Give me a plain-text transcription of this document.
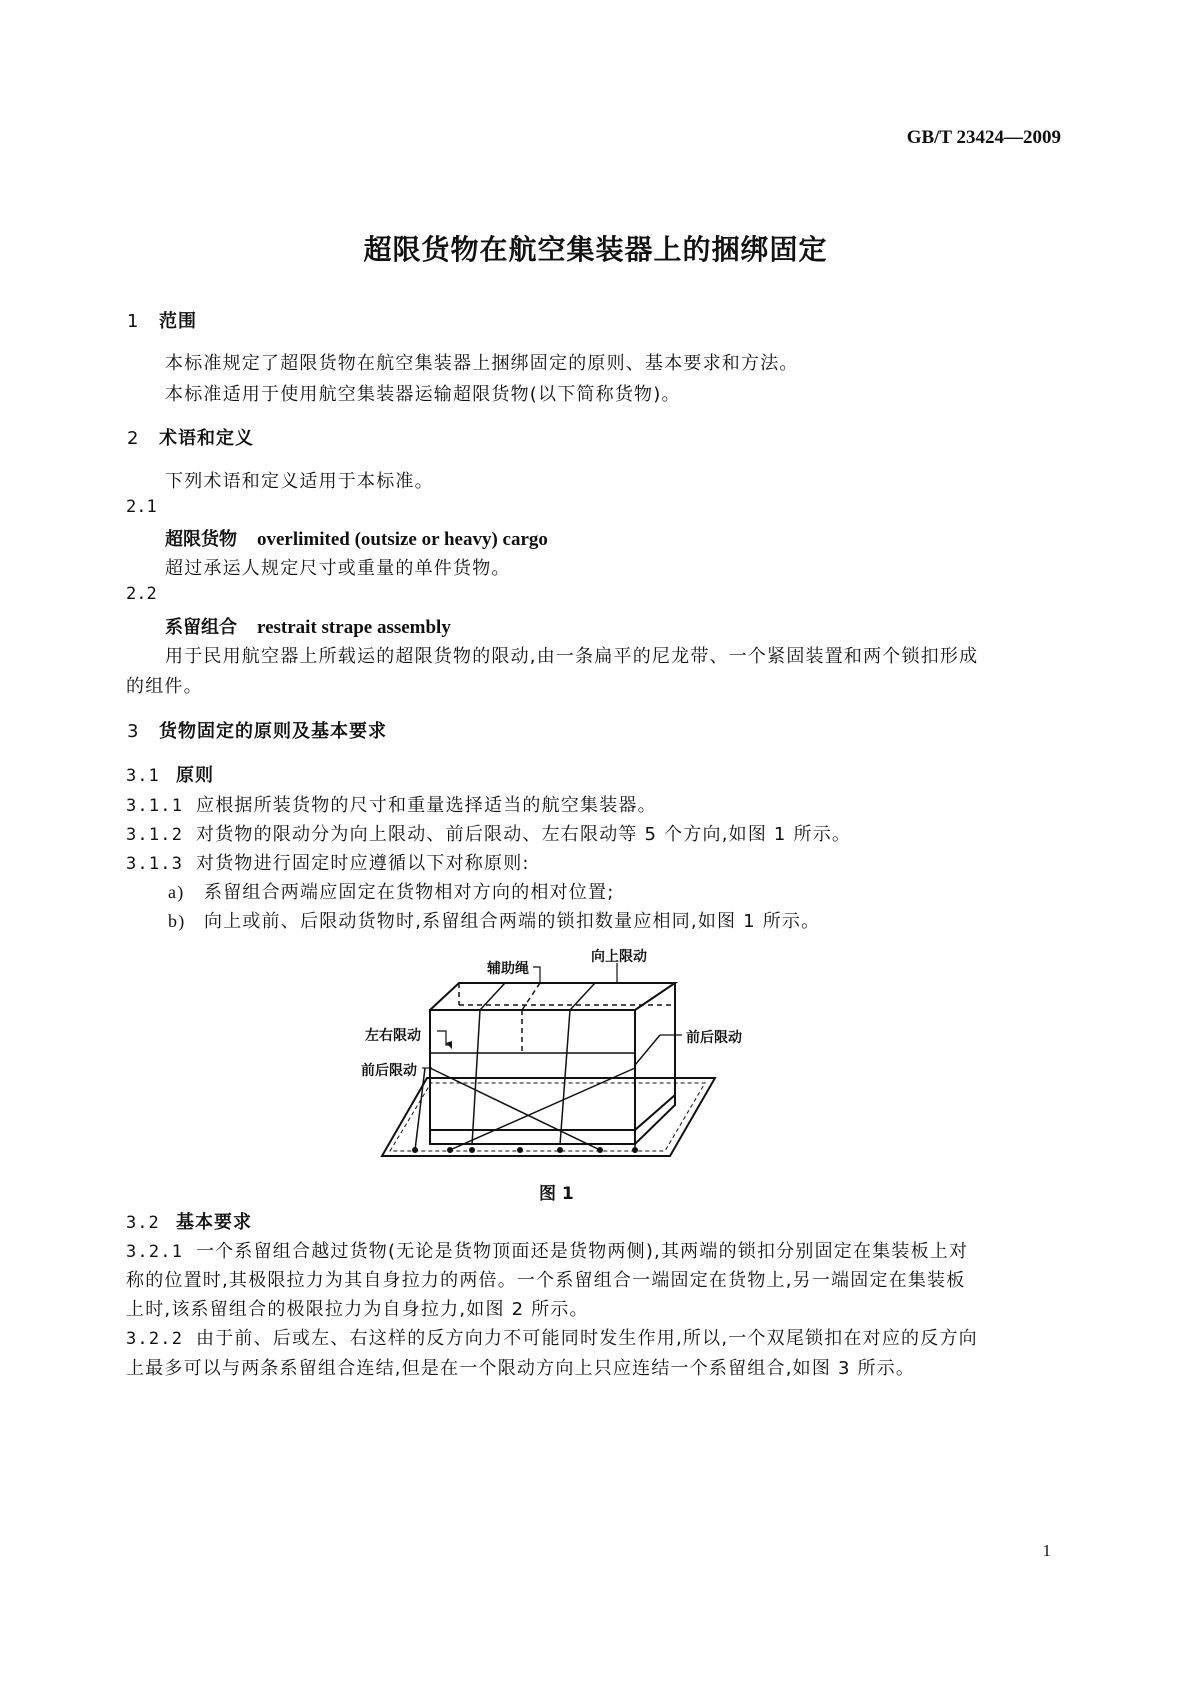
GB/T 23424—2009
超限货物在航空集装器上的捆绑固定
1 范围
本标准规定了超限货物在航空集装器上捆绑固定的原则、基本要求和方法。
本标准适用于使用航空集装器运输超限货物(以下简称货物)。
2 术语和定义
下列术语和定义适用于本标准。
2.1
超限货物 overlimited (outsize or heavy) cargo
超过承运人规定尺寸或重量的单件货物。
2.2
系留组合 restrait strape assembly
用于民用航空器上所载运的超限货物的限动,由一条扁平的尼龙带、一个紧固装置和两个锁扣形成
的组件。
3 货物固定的原则及基本要求
3.1 原则
3.1.1 应根据所装货物的尺寸和重量选择适当的航空集装器。
3.1.2 对货物的限动分为向上限动、前后限动、左右限动等 5 个方向,如图 1 所示。
3.1.3 对货物进行固定时应遵循以下对称原则:
a) 系留组合两端应固定在货物相对方向的相对位置;
b) 向上或前、后限动货物时,系留组合两端的锁扣数量应相同,如图 1 所示。
辅助绳
向上限动
左右限动	前后限动
前后限动
图 1
3.2 基本要求
3.2.1 一个系留组合越过货物(无论是货物顶面还是货物两侧),其两端的锁扣分别固定在集装板上对
称的位置时,其极限拉力为其自身拉力的两倍。一个系留组合一端固定在货物上,另一端固定在集装板
上时,该系留组合的极限拉力为自身拉力,如图 2 所示。
3.2.2 由于前、后或左、右这样的反方向力不可能同时发生作用,所以,一个双尾锁扣在对应的反方向
上最多可以与两条系留组合连结,但是在一个限动方向上只应连结一个系留组合,如图 3 所示。
1
